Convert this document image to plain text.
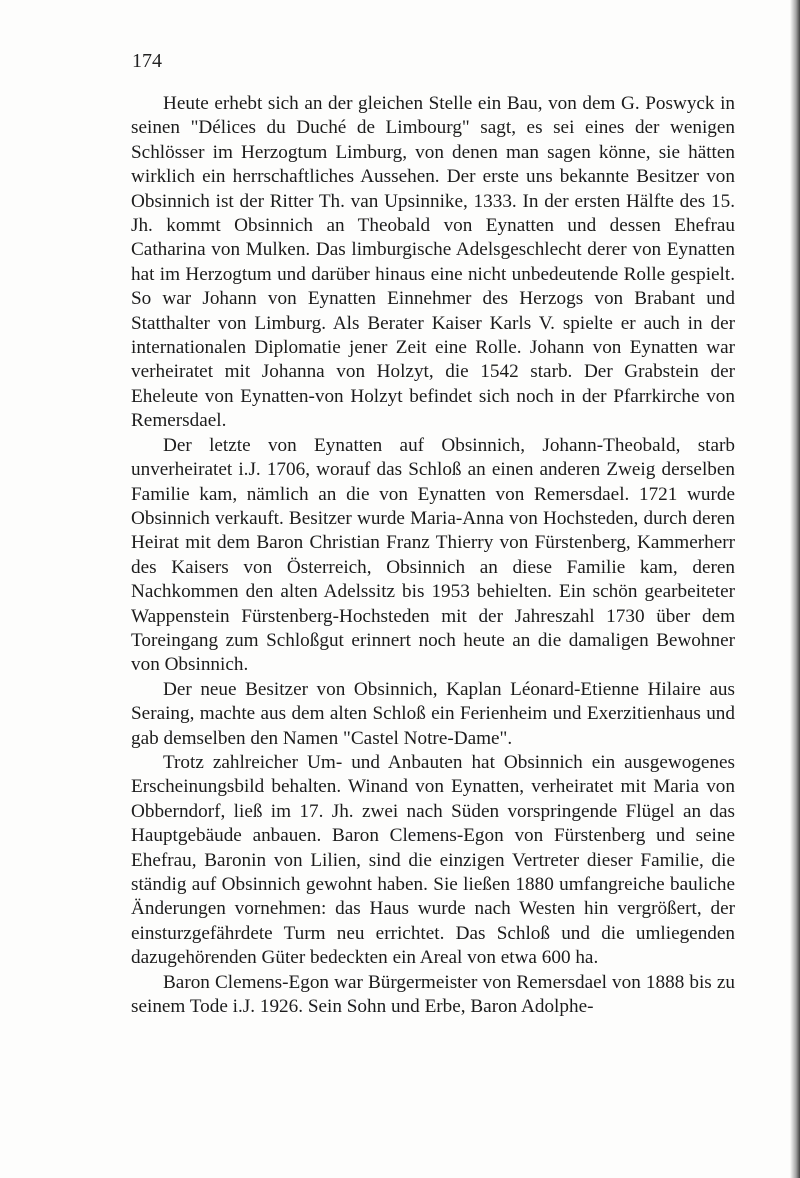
174

Heute erhebt sich an der gleichen Stelle ein Bau, von dem G. Poswyck in seinen "Délices du Duché de Limbourg" sagt, es sei eines der wenigen Schlösser im Herzogtum Limburg, von denen man sagen könne, sie hätten wirklich ein herrschaftliches Aussehen. Der erste uns bekannte Besitzer von Obsinnich ist der Ritter Th. van Upsinnike, 1333. In der ersten Hälfte des 15. Jh. kommt Obsinnich an Theobald von Eynatten und dessen Ehefrau Catharina von Mulken. Das limburgische Adelsgeschlecht derer von Eynatten hat im Herzogtum und darüber hinaus eine nicht unbedeutende Rolle gespielt. So war Johann von Eynatten Einnehmer des Herzogs von Brabant und Statthalter von Limburg. Als Berater Kaiser Karls V. spielte er auch in der internationalen Diplomatie jener Zeit eine Rolle. Johann von Eynatten war verheiratet mit Johanna von Holzyt, die 1542 starb. Der Grabstein der Eheleute von Eynatten-von Holzyt befindet sich noch in der Pfarrkirche von Remersdael.

Der letzte von Eynatten auf Obsinnich, Johann-Theobald, starb unverheiratet i.J. 1706, worauf das Schloß an einen anderen Zweig derselben Familie kam, nämlich an die von Eynatten von Remersdael. 1721 wurde Obsinnich verkauft. Besitzer wurde Maria-Anna von Hochsteden, durch deren Heirat mit dem Baron Christian Franz Thierry von Fürstenberg, Kammerherr des Kaisers von Österreich, Obsinnich an diese Familie kam, deren Nachkommen den alten Adelssitz bis 1953 behielten. Ein schön gearbeiteter Wappenstein Fürstenberg-Hochsteden mit der Jahreszahl 1730 über dem Toreingang zum Schloßgut erinnert noch heute an die damaligen Bewohner von Obsinnich.

Der neue Besitzer von Obsinnich, Kaplan Léonard-Etienne Hilaire aus Seraing, machte aus dem alten Schloß ein Ferienheim und Exerzitienhaus und gab demselben den Namen "Castel Notre-Dame".

Trotz zahlreicher Um- und Anbauten hat Obsinnich ein ausgewogenes Erscheinungsbild behalten. Winand von Eynatten, verheiratet mit Maria von Obberndorf, ließ im 17. Jh. zwei nach Süden vorspringende Flügel an das Hauptgebäude anbauen. Baron Clemens-Egon von Fürstenberg und seine Ehefrau, Baronin von Lilien, sind die einzigen Vertreter dieser Familie, die ständig auf Obsinnich gewohnt haben. Sie ließen 1880 umfangreiche bauliche Änderungen vornehmen: das Haus wurde nach Westen hin vergrößert, der einsturzgefährdete Turm neu errichtet. Das Schloß und die umliegenden dazugehörenden Güter bedeckten ein Areal von etwa 600 ha.

Baron Clemens-Egon war Bürgermeister von Remersdael von 1888 bis zu seinem Tode i.J. 1926. Sein Sohn und Erbe, Baron Adolphe-
